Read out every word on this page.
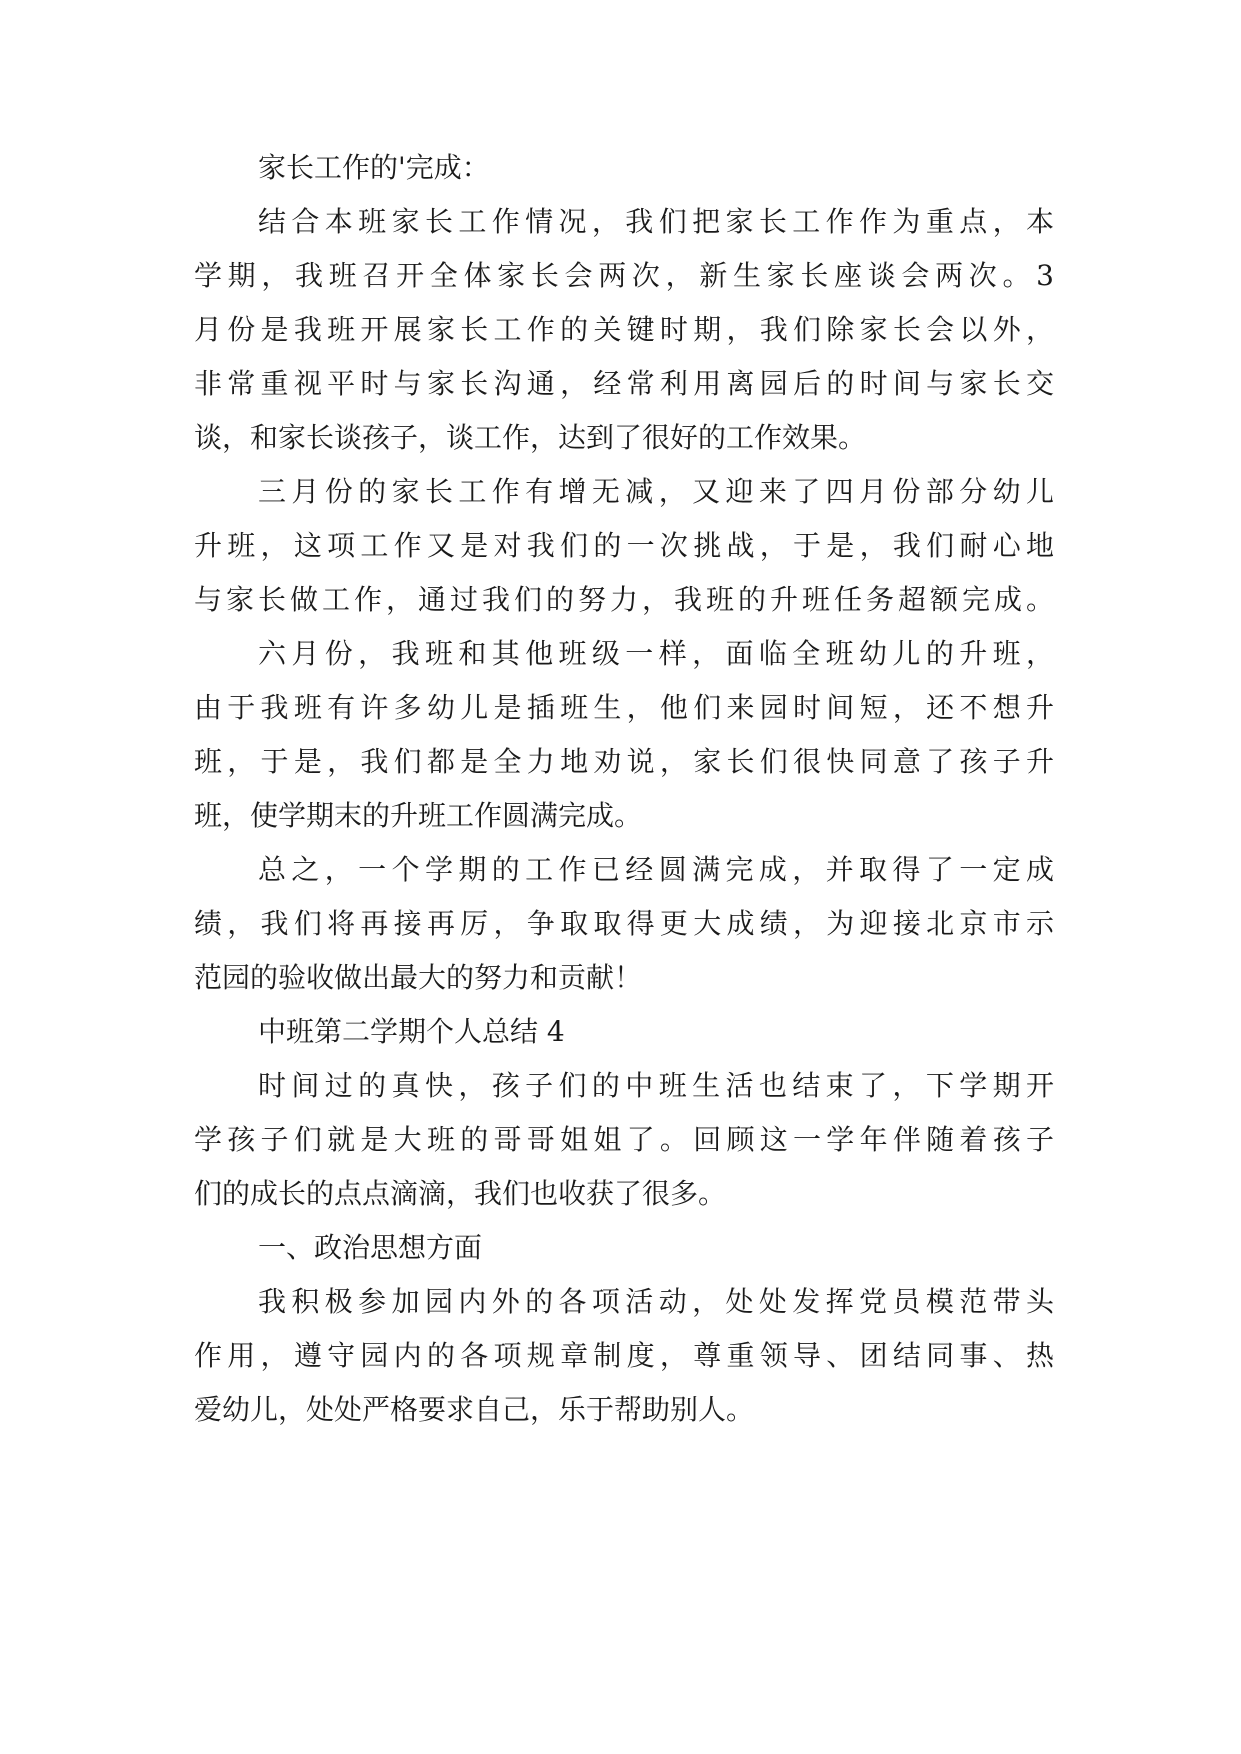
家长工作的'完成：
结合本班家长工作情况，我们把家长工作作为重点，本
学期，我班召开全体家长会两次，新生家长座谈会两次。3
月份是我班开展家长工作的关键时期，我们除家长会以外，
非常重视平时与家长沟通，经常利用离园后的时间与家长交
谈，和家长谈孩子，谈工作，达到了很好的工作效果。
三月份的家长工作有增无减，又迎来了四月份部分幼儿
升班，这项工作又是对我们的一次挑战，于是，我们耐心地
与家长做工作，通过我们的努力，我班的升班任务超额完成。
六月份，我班和其他班级一样，面临全班幼儿的升班，
由于我班有许多幼儿是插班生，他们来园时间短，还不想升
班，于是，我们都是全力地劝说，家长们很快同意了孩子升
班，使学期末的升班工作圆满完成。
总之，一个学期的工作已经圆满完成，并取得了一定成
绩，我们将再接再厉，争取取得更大成绩，为迎接北京市示
范园的验收做出最大的努力和贡献！
中班第二学期个人总结 4
时间过的真快，孩子们的中班生活也结束了，下学期开
学孩子们就是大班的哥哥姐姐了。回顾这一学年伴随着孩子
们的成长的点点滴滴，我们也收获了很多。
一、政治思想方面
我积极参加园内外的各项活动，处处发挥党员模范带头
作用，遵守园内的各项规章制度，尊重领导、团结同事、热
爱幼儿，处处严格要求自己，乐于帮助别人。
